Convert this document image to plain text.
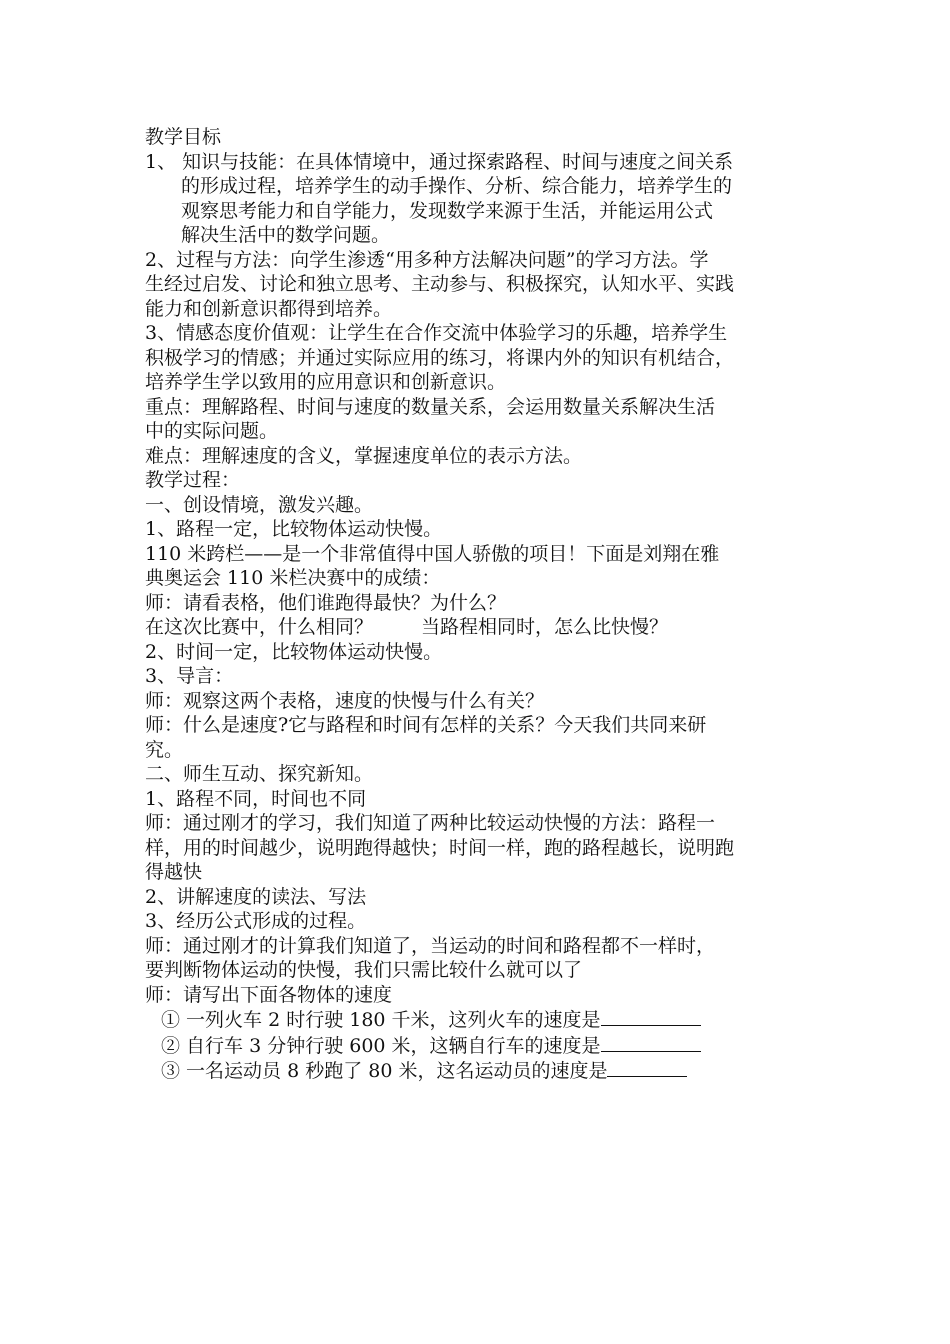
教学目标

1、 知识与技能：在具体情境中，通过探索路程、时间与速度之间关系

的形成过程，培养学生的动手操作、分析、综合能力，培养学生的

观察思考能力和自学能力，发现数学来源于生活，并能运用公式

解决生活中的数学问题。

2、过程与方法：向学生渗透“用多种方法解决问题”的学习方法。学

生经过启发、讨论和独立思考、主动参与、积极探究，认知水平、实践

能力和创新意识都得到培养。

3、情感态度价值观：让学生在合作交流中体验学习的乐趣，培养学生

积极学习的情感；并通过实际应用的练习，将课内外的知识有机结合，

培养学生学以致用的应用意识和创新意识。

重点：理解路程、时间与速度的数量关系，会运用数量关系解决生活

中的实际问题。

难点：理解速度的含义，掌握速度单位的表示方法。

教学过程：

一、创设情境，激发兴趣。

1、路程一定，比较物体运动快慢。

110 米跨栏——是一个非常值得中国人骄傲的项目！下面是刘翔在雅

典奥运会 110 米栏决赛中的成绩：

师：请看表格，他们谁跑得最快？为什么？

在这次比赛中，什么相同？	当路程相同时，怎么比快慢？

2、时间一定，比较物体运动快慢。

3、导言：

师：观察这两个表格，速度的快慢与什么有关？

师：什么是速度?它与路程和时间有怎样的关系？今天我们共同来研

究。

二、师生互动、探究新知。

1、路程不同，时间也不同

师：通过刚才的学习，我们知道了两种比较运动快慢的方法：路程一

样，用的时间越少，说明跑得越快；时间一样，跑的路程越长，说明跑

得越快

2、讲解速度的读法、写法

3、经历公式形成的过程。

师：通过刚才的计算我们知道了，当运动的时间和路程都不一样时，

要判断物体运动的快慢，我们只需比较什么就可以了

师：请写出下面各物体的速度

① 一列火车 2 时行驶 180 千米，这列火车的速度是

② 自行车 3 分钟行驶 600 米，这辆自行车的速度是

③ 一名运动员 8 秒跑了 80 米，这名运动员的速度是
